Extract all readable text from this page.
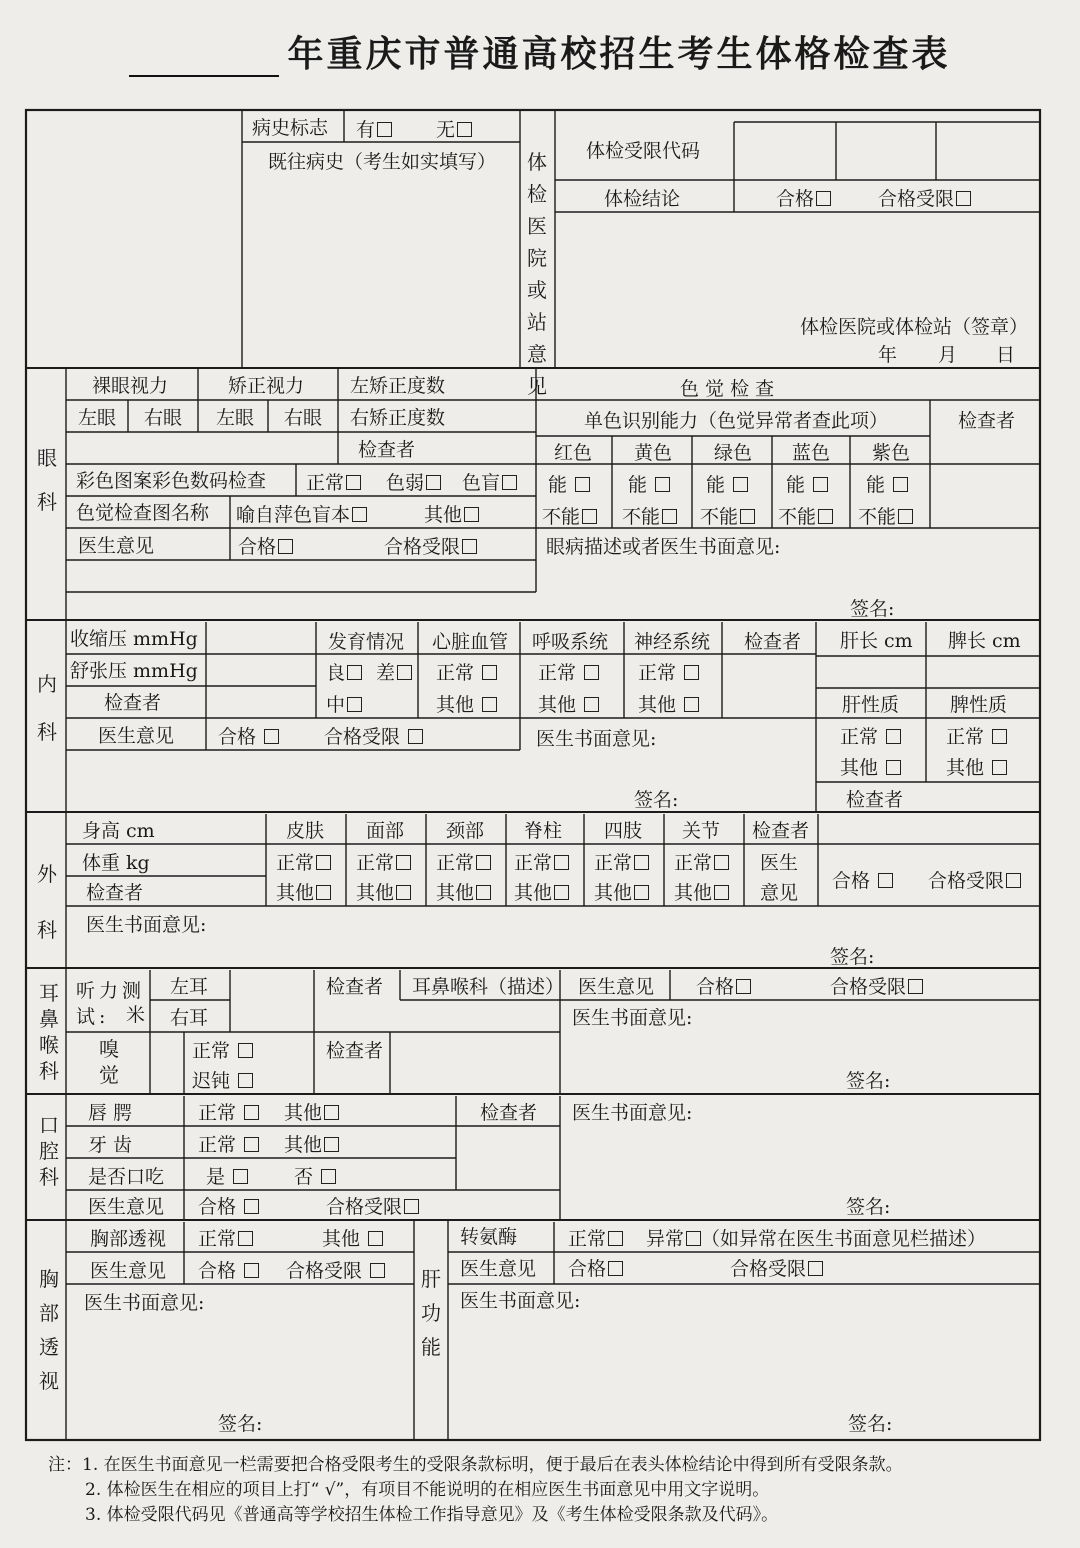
年重庆市普通高校招生考生体格检查表
病史标志 有	无
既往病史（考生如实填写） 体检医院或站意见
体检受限代码
体检结论	合格	合格受限
体检医院或体检站（签章）
年 月 日
眼科
裸眼视力	矫正视力 左矫正度数
左眼 右眼 左眼 右眼 右矫正度数
检查者
色 觉 检 查
单色识别能力（色觉异常者查此项）	检查者
红色 黄色 绿色 蓝色 紫色
能	能	能	能	能
不能	不能	不能	不能	不能
彩色图案彩色数码检查 正常	色弱	色盲
色觉检查图名称 喻自萍色盲本	其他
医生意见	合格	合格受限	眼病描述或者医生书面意见:
签名:
内科
收缩压 mmHg
舒张压 mmHg
检查者
发育情况
良	差
中
心脏血管 呼吸系统 神经系统 检查者
正常	正常	正常
其他	其他	其他
肝长 cm 脾长 cm
肝性质	脾性质
正常	正常
其他	其他
检查者
医生意见 合格	合格受限	医生书面意见:
签名:
外科
身高 cm
体重 kg
检查者
皮肤 面部 颈部 脊柱 四肢 关节 检查者
正常	正常	正常	正常	正常	正常
其他	其他	其他	其他	其他	其他
医生
意见
合格	合格受限
医生书面意见:
签名:
耳鼻喉科
听力测试: 米
左耳
右耳
检查者 耳鼻喉科（描述） 医生意见 合格	合格受限
医生书面意见:
嗅觉
正常
迟钝
检查者
签名:
口腔科
唇 腭
牙 齿
是否口吃
正常	其他
正常	其他
是	否
检查者 医生书面意见:
医生意见 合格	合格受限	签名:
胸部透视
胸部透视 正常	其他
医生意见 合格	合格受限
医生书面意见:
签名:
肝功能
转氨酶	正常	异常 （如异常在医生书面意见栏描述）
医生意见 合格	合格受限
医生书面意见:
签名:
注：1. 在医生书面意见一栏需要把合格受限考生的受限条款标明，便于最后在表头体检结论中得到所有受限条款。
2. 体检医生在相应的项目上打“ √”，有项目不能说明的在相应医生书面意见中用文字说明。
3. 体检受限代码见《普通高等学校招生体检工作指导意见》及《考生体检受限条款及代码》。
